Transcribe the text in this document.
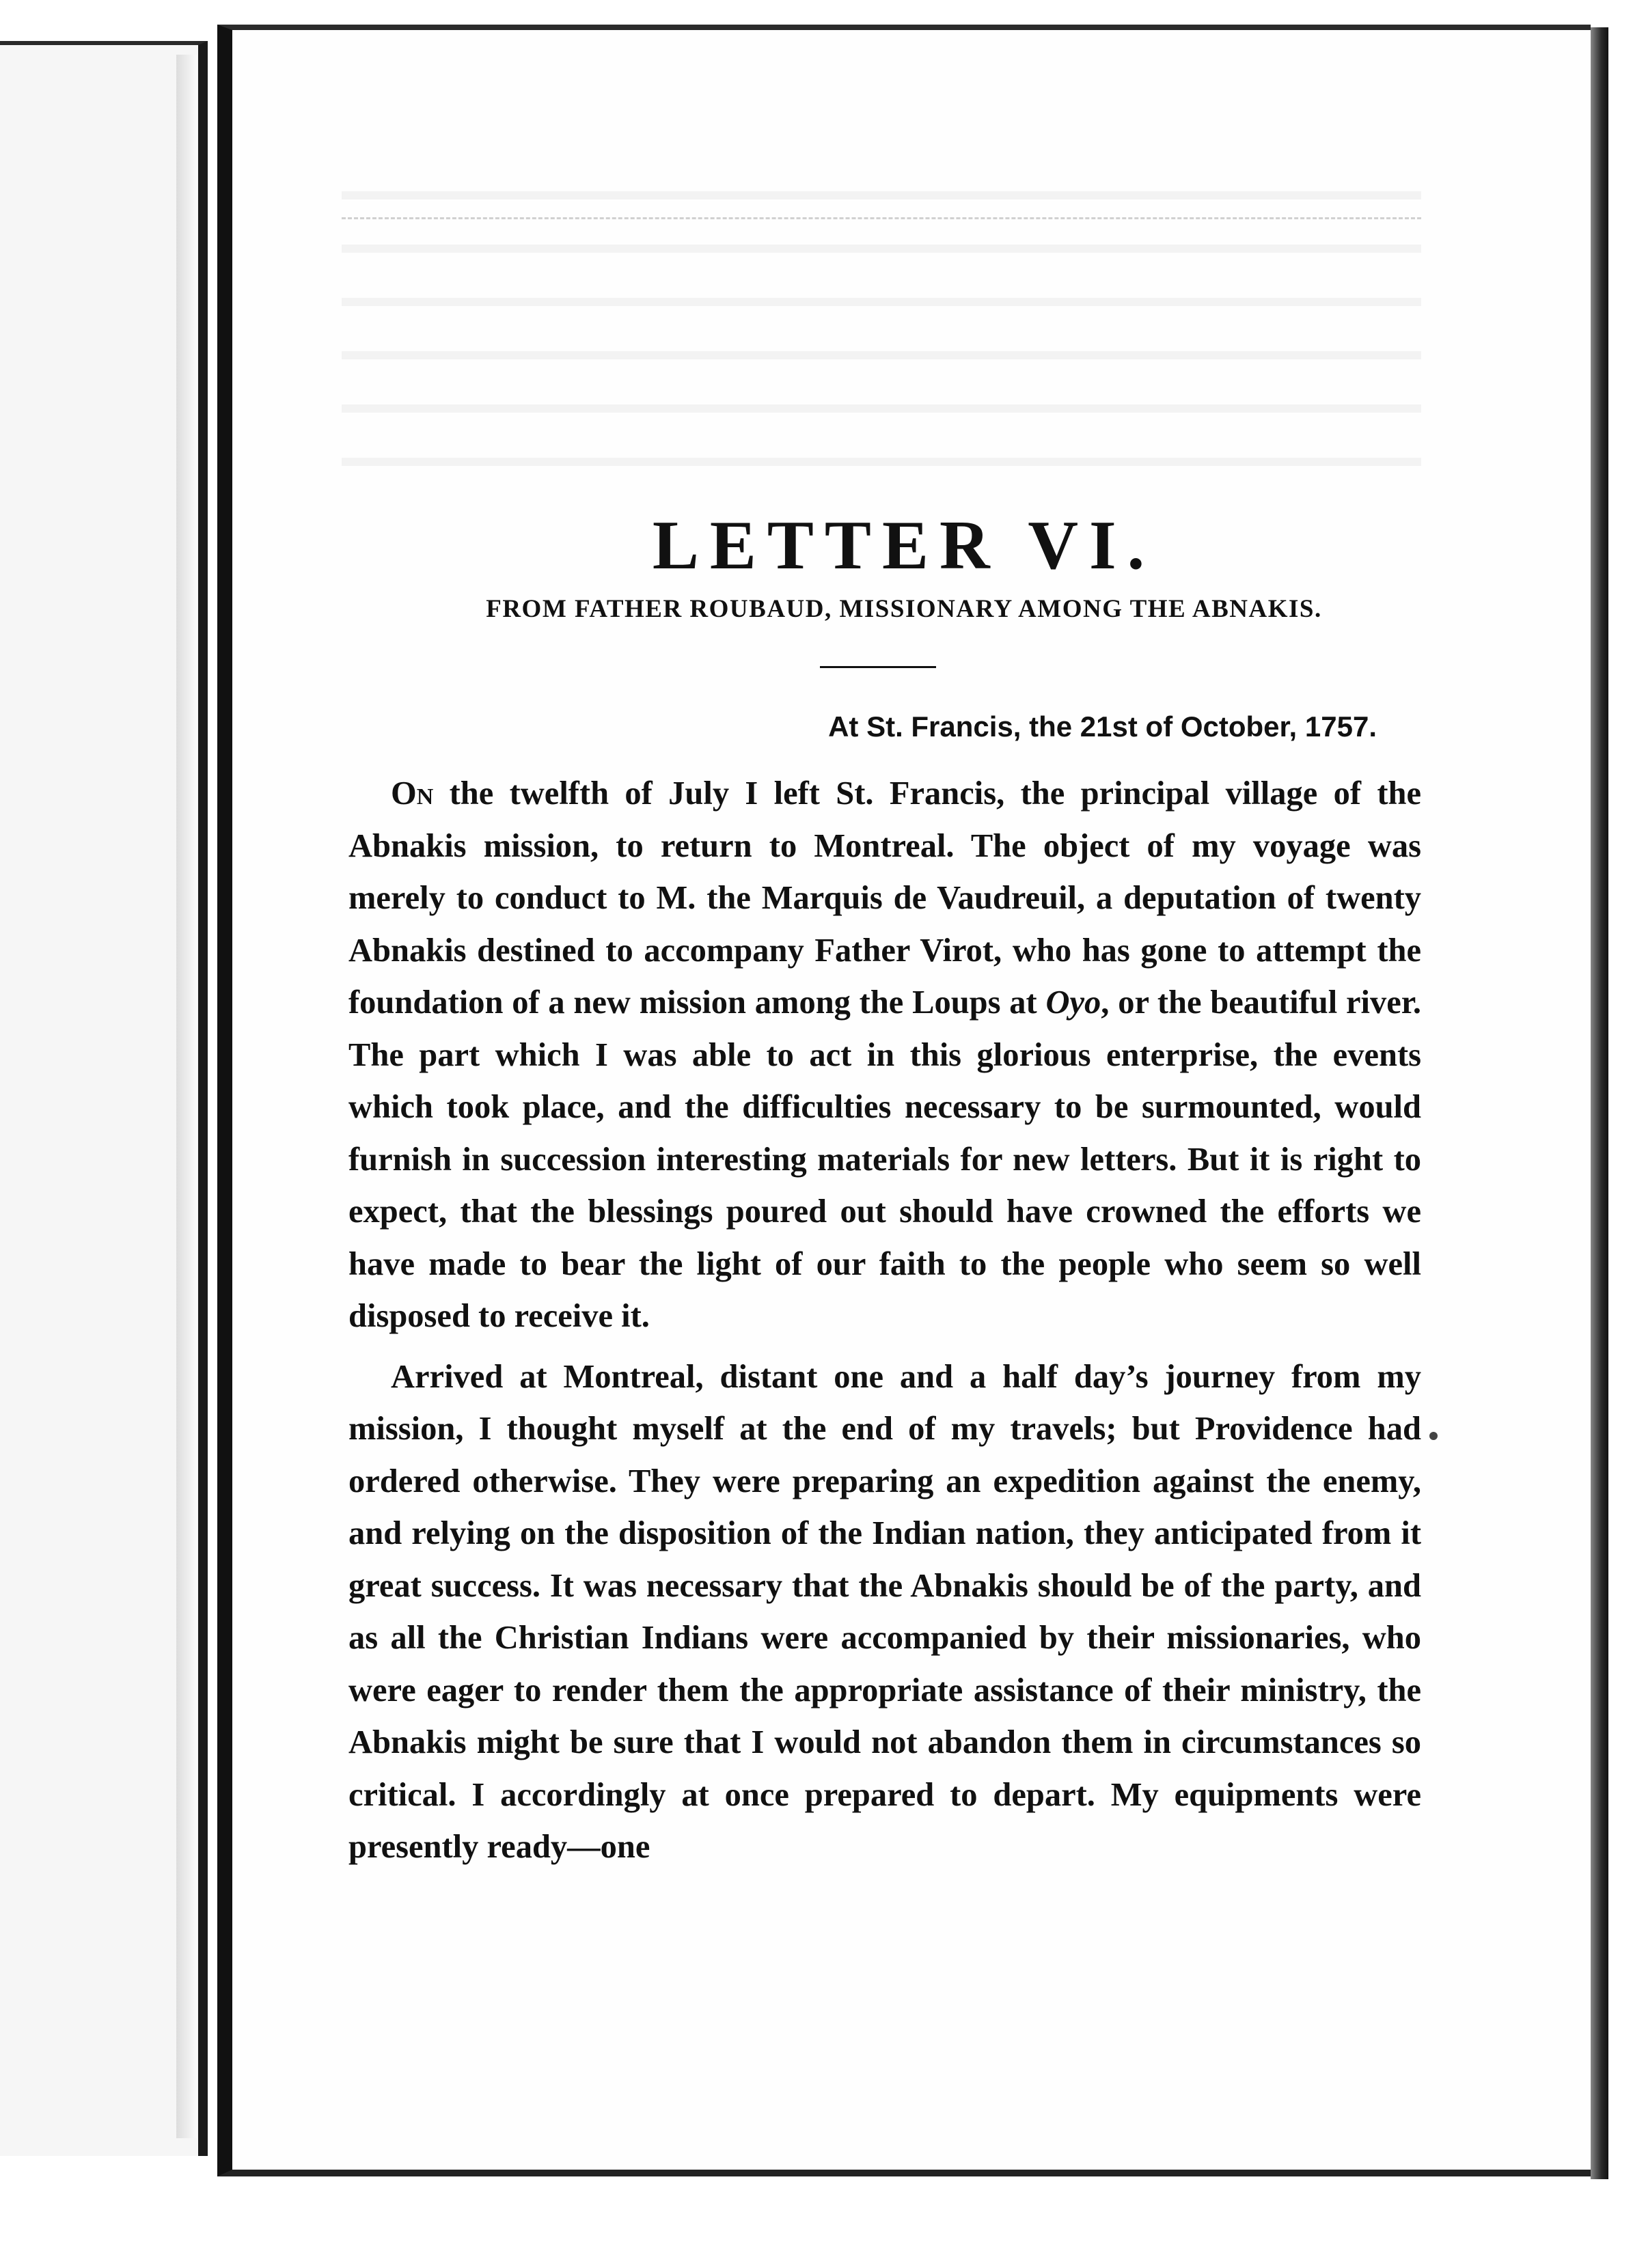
LETTER VI.
FROM FATHER ROUBAUD, MISSIONARY AMONG THE ABNAKIS.
At St. Francis, the 21st of October, 1757.

On the twelfth of July I left St. Francis, the principal village of the Abnakis mission, to return to Montreal. The object of my voyage was merely to conduct to M. the Marquis de Vaudreuil, a deputation of twenty Abnakis destined to accompany Father Virot, who has gone to attempt the foundation of a new mission among the Loups at Oyo, or the beautiful river. The part which I was able to act in this glorious enterprise, the events which took place, and the difficulties necessary to be surmounted, would furnish in succession interesting materials for new letters. But it is right to expect, that the blessings poured out should have crowned the efforts we have made to bear the light of our faith to the people who seem so well disposed to receive it.

Arrived at Montreal, distant one and a half day’s journey from my mission, I thought myself at the end of my travels; but Providence had ordered otherwise. They were preparing an expedition against the enemy, and relying on the disposition of the Indian nation, they anticipated from it great success. It was necessary that the Abnakis should be of the party, and as all the Christian Indians were accompanied by their missionaries, who were eager to render them the appropriate assistance of their ministry, the Abnakis might be sure that I would not abandon them in circumstances so critical. I accordingly at once prepared to depart. My equipments were presently ready—one
